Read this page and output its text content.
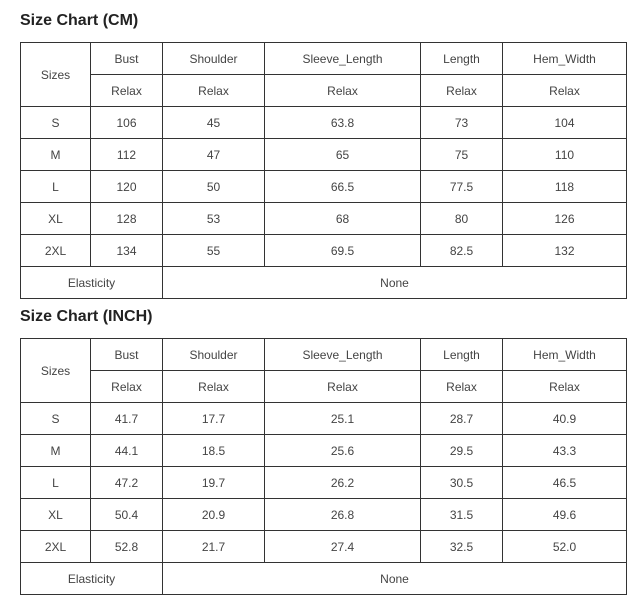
Size Chart (CM)
Sizes	Bust	Shoulder	Sleeve_Length	Length	Hem_Width
	Relax	Relax	Relax	Relax	Relax
S	106	45	63.8	73	104
M	112	47	65	75	110
L	120	50	66.5	77.5	118
XL	128	53	68	80	126
2XL	134	55	69.5	82.5	132
Elasticity		None			
Size Chart (INCH)
Sizes	Bust	Shoulder	Sleeve_Length	Length	Hem_Width
	Relax	Relax	Relax	Relax	Relax
S	41.7	17.7	25.1	28.7	40.9
M	44.1	18.5	25.6	29.5	43.3
L	47.2	19.7	26.2	30.5	46.5
XL	50.4	20.9	26.8	31.5	49.6
2XL	52.8	21.7	27.4	32.5	52.0
Elasticity		None			
